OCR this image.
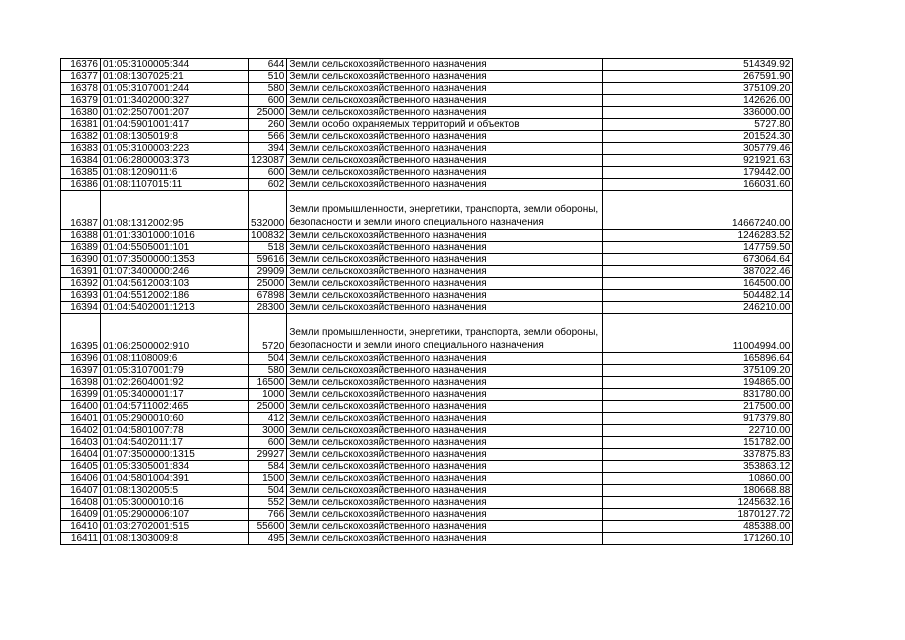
16376	01:05:3100005:344	644	Земли сельскохозяйственного назначения	514349.92
16377	01:08:1307025:21	510	Земли сельскохозяйственного назначения	267591.90
16378	01:05:3107001:244	580	Земли сельскохозяйственного назначения	375109.20
16379	01:01:3402000:327	600	Земли сельскохозяйственного назначения	142626.00
16380	01:02:2507001:207	25000	Земли сельскохозяйственного назначения	336000.00
16381	01:04:5901001:417	260	Земли особо охраняемых территорий и объектов	5727.80
16382	01:08:1305019:8	566	Земли сельскохозяйственного назначения	201524.30
16383	01:05:3100003:223	394	Земли сельскохозяйственного назначения	305779.46
16384	01:06:2800003:373	123087	Земли сельскохозяйственного назначения	921921.63
16385	01:08:1209011:6	600	Земли сельскохозяйственного назначения	179442.00
16386	01:08:1107015:11	602	Земли сельскохозяйственного назначения	166031.60
16387	01:08:1312002:95	532000	Земли промышленности, энергетики, транспорта, земли обороны, безопасности и земли иного специального назначения	14667240.00
16388	01:01:3301000:1016	100832	Земли сельскохозяйственного назначения	1246283.52
16389	01:04:5505001:101	518	Земли сельскохозяйственного назначения	147759.50
16390	01:07:3500000:1353	59616	Земли сельскохозяйственного назначения	673064.64
16391	01:07:3400000:246	29909	Земли сельскохозяйственного назначения	387022.46
16392	01:04:5612003:103	25000	Земли сельскохозяйственного назначения	164500.00
16393	01:04:5512002:186	67898	Земли сельскохозяйственного назначения	504482.14
16394	01:04:5402001:1213	28300	Земли сельскохозяйственного назначения	246210.00
16395	01:06:2500002:910	5720	Земли промышленности, энергетики, транспорта, земли обороны, безопасности и земли иного специального назначения	11004994.00
16396	01:08:1108009:6	504	Земли сельскохозяйственного назначения	165896.64
16397	01:05:3107001:79	580	Земли сельскохозяйственного назначения	375109.20
16398	01:02:2604001:92	16500	Земли сельскохозяйственного назначения	194865.00
16399	01:05:3400001:17	1000	Земли сельскохозяйственного назначения	831780.00
16400	01:04:5711002:465	25000	Земли сельскохозяйственного назначения	217500.00
16401	01:05:2900010:60	412	Земли сельскохозяйственного назначения	917379.80
16402	01:04:5801007:78	3000	Земли сельскохозяйственного назначения	22710.00
16403	01:04:5402011:17	600	Земли сельскохозяйственного назначения	151782.00
16404	01:07:3500000:1315	29927	Земли сельскохозяйственного назначения	337875.83
16405	01:05:3305001:834	584	Земли сельскохозяйственного назначения	353863.12
16406	01:04:5801004:391	1500	Земли сельскохозяйственного назначения	10860.00
16407	01:08:1302005:5	504	Земли сельскохозяйственного назначения	180668.88
16408	01:05:3000010:16	552	Земли сельскохозяйственного назначения	1245632.16
16409	01:05:2900006:107	766	Земли сельскохозяйственного назначения	1870127.72
16410	01:03:2702001:515	55600	Земли сельскохозяйственного назначения	485388.00
16411	01:08:1303009:8	495	Земли сельскохозяйственного назначения	171260.10
